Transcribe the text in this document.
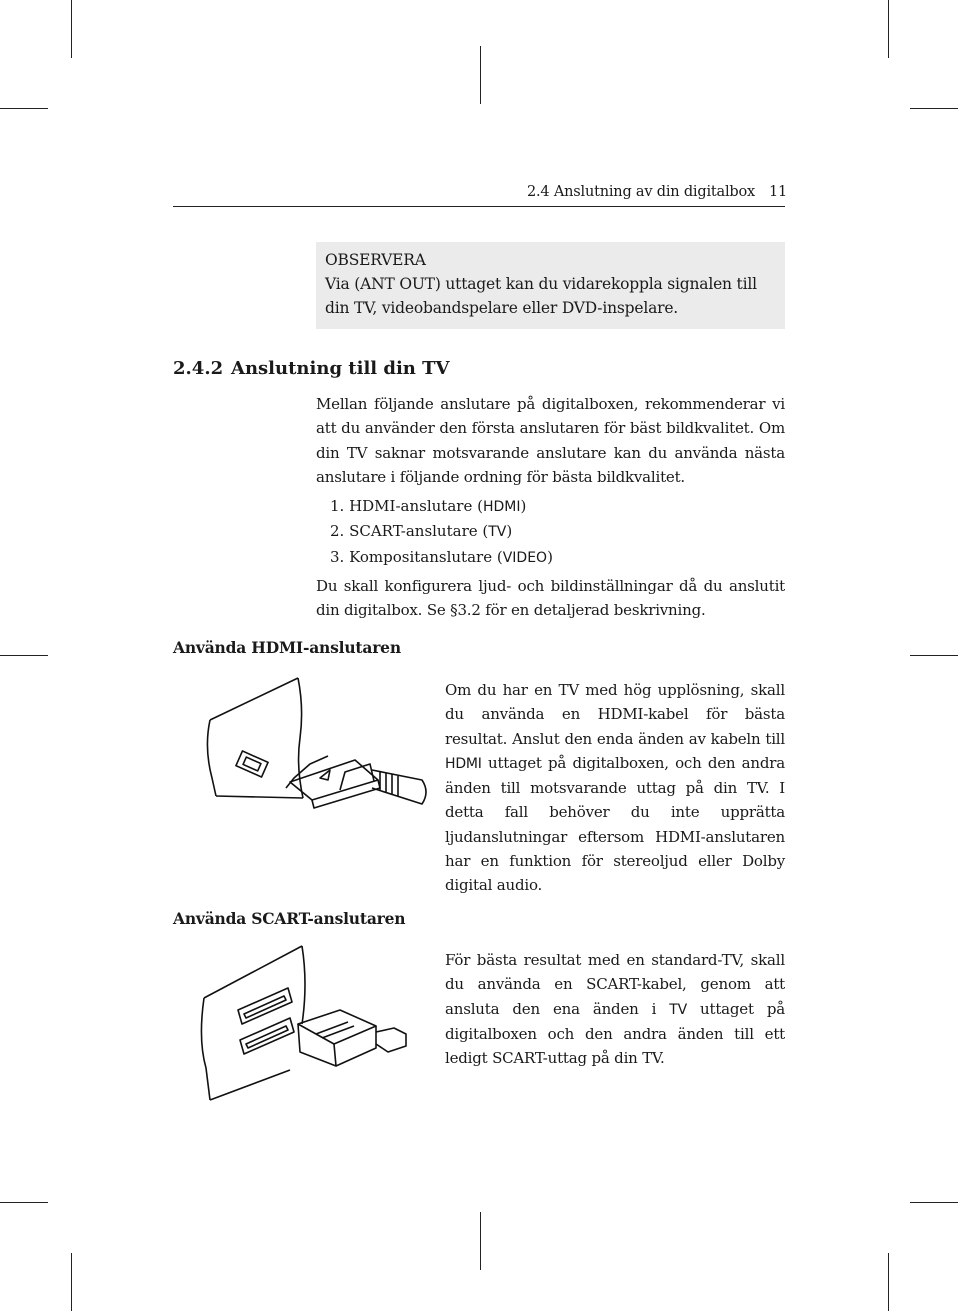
2.4 Anslutning av din digitalbox 11
OBSERVERA
Via (ANT OUT) uttaget kan du vidarekoppla signalen till din TV, videobandspelare eller DVD-inspelare.
2.4.2 Anslutning till din TV
Mellan följande anslutare på digitalboxen, rekommenderar vi att du använder den första anslutaren för bäst bildkvalitet. Om din TV saknar motsvarande anslutare kan du använda nästa anslutare i följande ordning för bästa bildkvalitet.
1. HDMI-anslutare (HDMI)
2. SCART-anslutare (TV)
3. Kompositanslutare (VIDEO)
Du skall konfigurera ljud- och bildinställningar då du anslutit din digitalbox. Se §3.2 för en detaljerad beskrivning.
Använda HDMI-anslutaren
Om du har en TV med hög upplösning, skall du använda en HDMI-kabel för bästa resultat. Anslut den enda änden av kabeln till HDMI uttaget på digitalboxen, och den andra änden till motsvarande uttag på din TV. I detta fall behöver du inte upprätta ljudanslutningar eftersom HDMI-anslutaren har en funktion för stereoljud eller Dolby digital audio.
Använda SCART-anslutaren
För bästa resultat med en standard-TV, skall du använda en SCART-kabel, genom att ansluta den ena änden i TV uttaget på digitalboxen och den andra änden till ett ledigt SCART-uttag på din TV.
